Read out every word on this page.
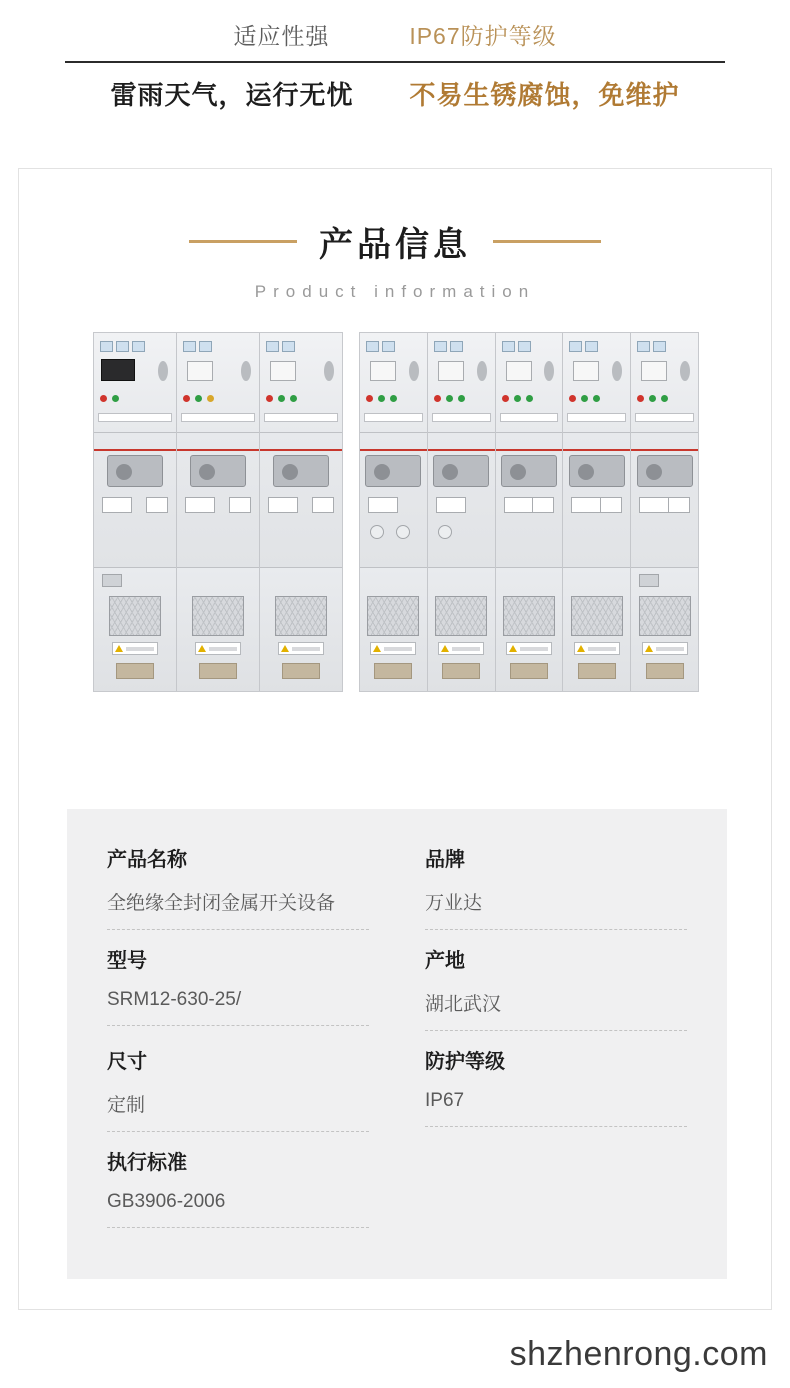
适应性强	IP67防护等级
雷雨天气，运行无忧 不易生锈腐蚀，免维护
产品信息
Product information
产品名称
全绝缘全封闭金属开关设备
品牌
万业达
型号
SRM12-630-25/
产地
湖北武汉
尺寸
定制
防护等级
IP67
执行标准
GB3906-2006
shzhenrong.com
